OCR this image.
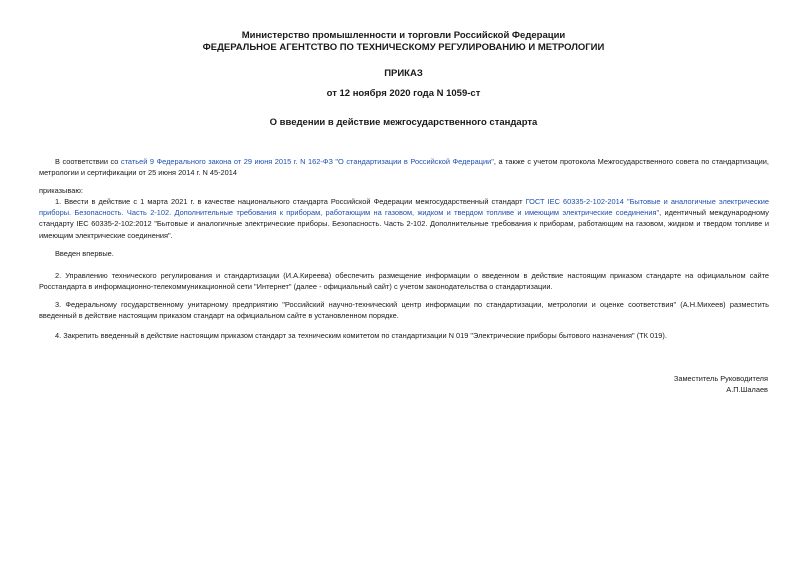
Министерство промышленности и торговли Российской Федерации
ФЕДЕРАЛЬНОЕ АГЕНТСТВО ПО ТЕХНИЧЕСКОМУ РЕГУЛИРОВАНИЮ И МЕТРОЛОГИИ
ПРИКАЗ
от 12 ноября 2020 года N 1059-ст
О введении в действие межгосударственного стандарта

В соответствии со статьей 9 Федерального закона от 29 июня 2015 г. N 162-ФЗ "О стандартизации в Российской Федерации", а также с учетом протокола Межгосударственного совета по стандартизации, метрологии и сертификации от 25 июня 2014 г. N 45-2014

приказываю:

1. Ввести в действие с 1 марта 2021 г. в качестве национального стандарта Российской Федерации межгосударственный стандарт ГОСТ IEC 60335-2-102-2014 "Бытовые и аналогичные электрические приборы. Безопасность. Часть 2-102. Дополнительные требования к приборам, работающим на газовом, жидком и твердом топливе и имеющим электрические соединения", идентичный международному стандарту IEC 60335-2-102:2012 "Бытовые и аналогичные электрические приборы. Безопасность. Часть 2-102. Дополнительные требования к приборам, работающим на газовом, жидком и твердом топливе и имеющим электрические соединения".

Введен впервые.

2. Управлению технического регулирования и стандартизации (И.А.Киреева) обеспечить размещение информации о введенном в действие настоящим приказом стандарте на официальном сайте Росстандарта в информационно-телекоммуникационной сети "Интернет" (далее - официальный сайт) с учетом законодательства о стандартизации.

3. Федеральному государственному унитарному предприятию "Российский научно-технический центр информации по стандартизации, метрологии и оценке соответствия" (А.Н.Михеев) разместить введенный в действие настоящим приказом стандарт на официальном сайте в установленном порядке.

4. Закрепить введенный в действие настоящим приказом стандарт за техническим комитетом по стандартизации N 019 "Электрические приборы бытового назначения" (ТК 019).

Заместитель Руководителя
А.П.Шалаев
